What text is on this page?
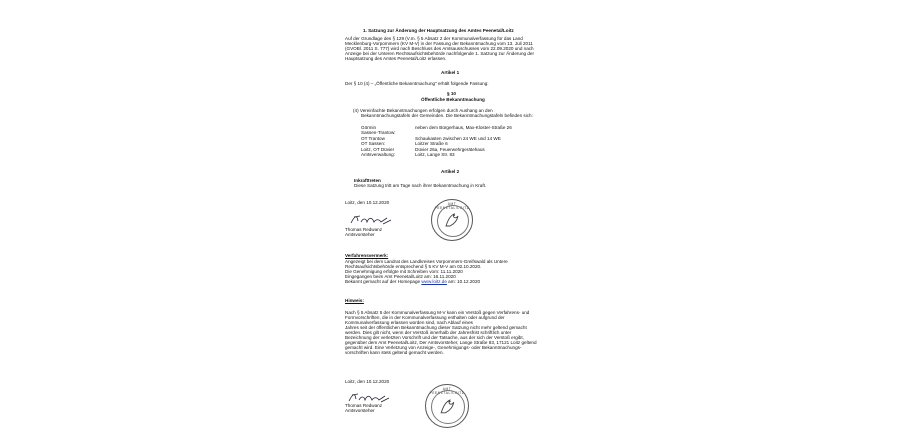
1. Satzung zur Änderung der Hauptsatzung des Amtes Peenetal/Loitz
Auf der Grundlage des § 129 (V.m. § 5 Absatz 2 der Kommunalverfassung für das Land
Mecklenburg-Vorpommern (KV M-V) in der Fassung der Bekanntmachung vom 13. Juli 2011
(GVOBl. 2011 S. 777) wird nach Beschluss des Amtsausschusses vom 22.09.2020 und nach
Anzeige bei der Unteren Rechtsaufsichtsbehörde nachfolgende 1. Satzung zur Änderung der
Hauptsatzung des Amtes Peenetal/Loitz erlassen.
Artikel 1
Der § 10 (4) – „Öffentliche Bekanntmachung" erhält folgende Fassung:
§ 10
Öffentliche Bekanntmachung
(4) Vereinfachte Bekanntmachungen erfolgen durch Aushang an den
Bekanntmachungstafeln der Gemeinden. Die Bekanntmachungstafeln befinden sich:
Görmin	neben dem Bürgerhaus, Max-Kloster-Straße 26
Sassen-Trantow:
OT Trantow	Schaukasten zwischen 24 WE und 14 WE
OT Sassen:	Loitzer Straße 6
Loitz, OT Düvier	Düvier 26a, Feuerwehrgerätehaus
Amtsverwaltung:	Loitz, Lange Str. 83
Artikel 2
Inkrafttreten
Diese Satzung tritt am Tage nach ihrer Bekanntmachung in Kraft.
Loitz, den 10.12.2020
Thomas Redwanz
Amtsvorsteher
AMT PEENETAL/LOITZ
Verfahrensvermerk:
Angezeigt bei dem Landrat des Landkreises Vorpommern-Greifswald als Untere
Rechtsaufsichtsbehörde entsprechend § 5 KV M-V am 02.10.2020.
Die Genehmigung erfolgte mit Schreiben vom: 11.11.2020
Eingegangen beim Amt Peenetal/Loitz am: 16.11.2020
Bekannt gemacht auf der Homepage www.loitz.de am: 10.12.2020
Hinweis:
Nach § 5 Absatz 5 der Kommunalverfassung M-V kann ein Verstoß gegen Verfahrens- und
Formvorschriften, die in der Kommunalverfassung enthalten oder aufgrund der
Kommunalverfassung erlassen worden sind, nach Ablauf eines
Jahres seit der öffentlichen Bekanntmachung dieser Satzung nicht mehr geltend gemacht
werden. Dies gilt nicht, wenn der Verstoß innerhalb der Jahresfrist schriftlich unter
Bezeichnung der verletzten Vorschrift und der Tatsache, aus der sich der Verstoß ergibt,
gegenüber dem Amt Peenetal/Loitz, Der Amtsvorsteher, Lange Straße 83, 17121 Loitz geltend
gemacht wird. Eine Verletzung von Anzeige-, Genehmigungs- oder Bekanntmachungs-
vorschriften kann stets geltend gemacht werden.
Loitz, den 10.12.2020
Thomas Redwanz
Amtsvorsteher
AMT PEENETAL/LOITZ
